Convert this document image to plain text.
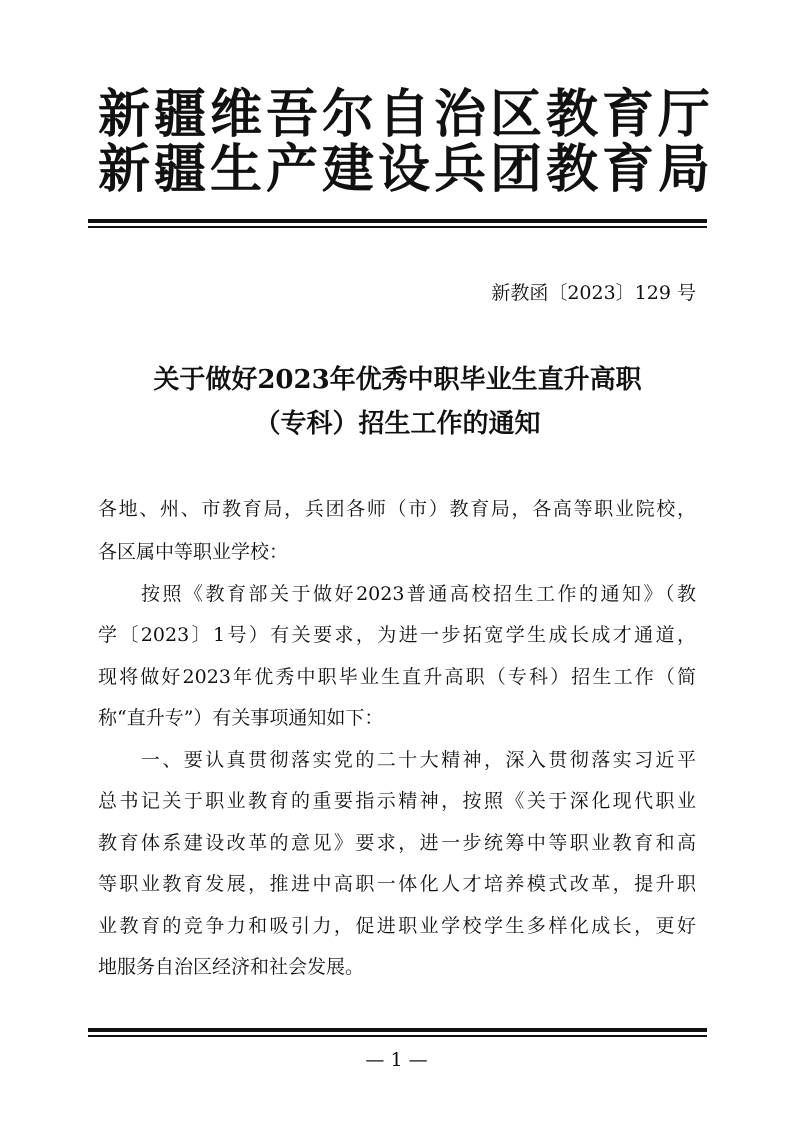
新疆维吾尔自治区教育厅
新疆生产建设兵团教育局
新教函〔2023〕129 号
关于做好2023年优秀中职毕业生直升高职
（专科）招生工作的通知
各地、州、市教育局，兵团各师（市）教育局，各高等职业院校，
各区属中等职业学校：
　　按照《教育部关于做好2023普通高校招生工作的通知》（教
学〔2023〕1号）有关要求，为进一步拓宽学生成长成才通道，
现将做好2023年优秀中职毕业生直升高职（专科）招生工作（简
称“直升专”）有关事项通知如下：
　　一、要认真贯彻落实党的二十大精神，深入贯彻落实习近平
总书记关于职业教育的重要指示精神，按照《关于深化现代职业
教育体系建设改革的意见》要求，进一步统筹中等职业教育和高
等职业教育发展，推进中高职一体化人才培养模式改革，提升职
业教育的竞争力和吸引力，促进职业学校学生多样化成长，更好
地服务自治区经济和社会发展。
— 1 —
